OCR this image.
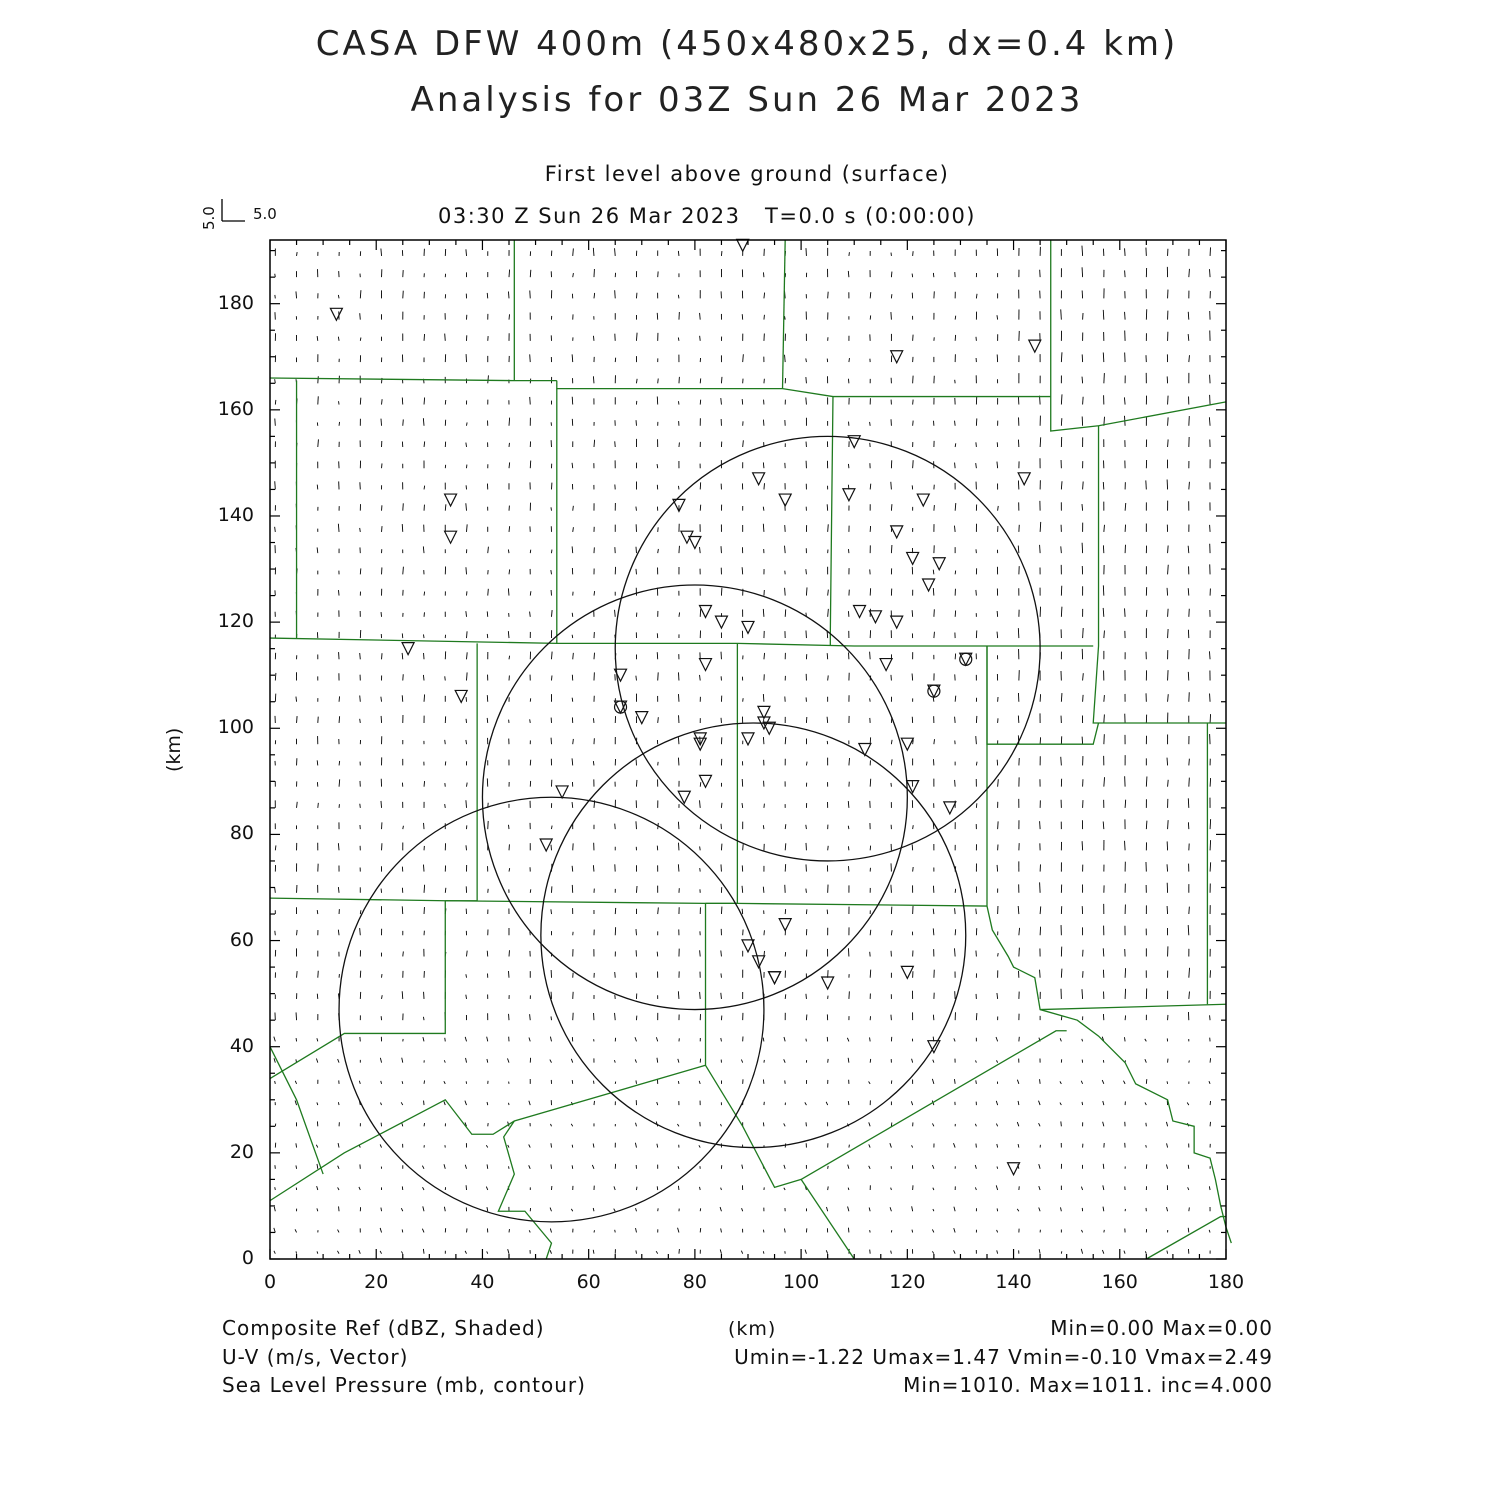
CASA DFW 400m (450x480x25, dx=0.4 km)
Analysis for 03Z Sun 26 Mar 2023
First level above ground (surface)
03:30 Z Sun 26 Mar 2023   T=0.0 s (0:00:00)
5.0 5.0
0	20	40	60	80	100	120	140	160	180
0
20
40
60
80
100
120
140
160
180
(km)
(km)
Composite Ref (dBZ, Shaded)
U-V (m/s, Vector)
Sea Level Pressure (mb, contour)
Min=0.00 Max=0.00
Umin=-1.22 Umax=1.47 Vmin=-0.10 Vmax=2.49
Min=1010. Max=1011. inc=4.000
